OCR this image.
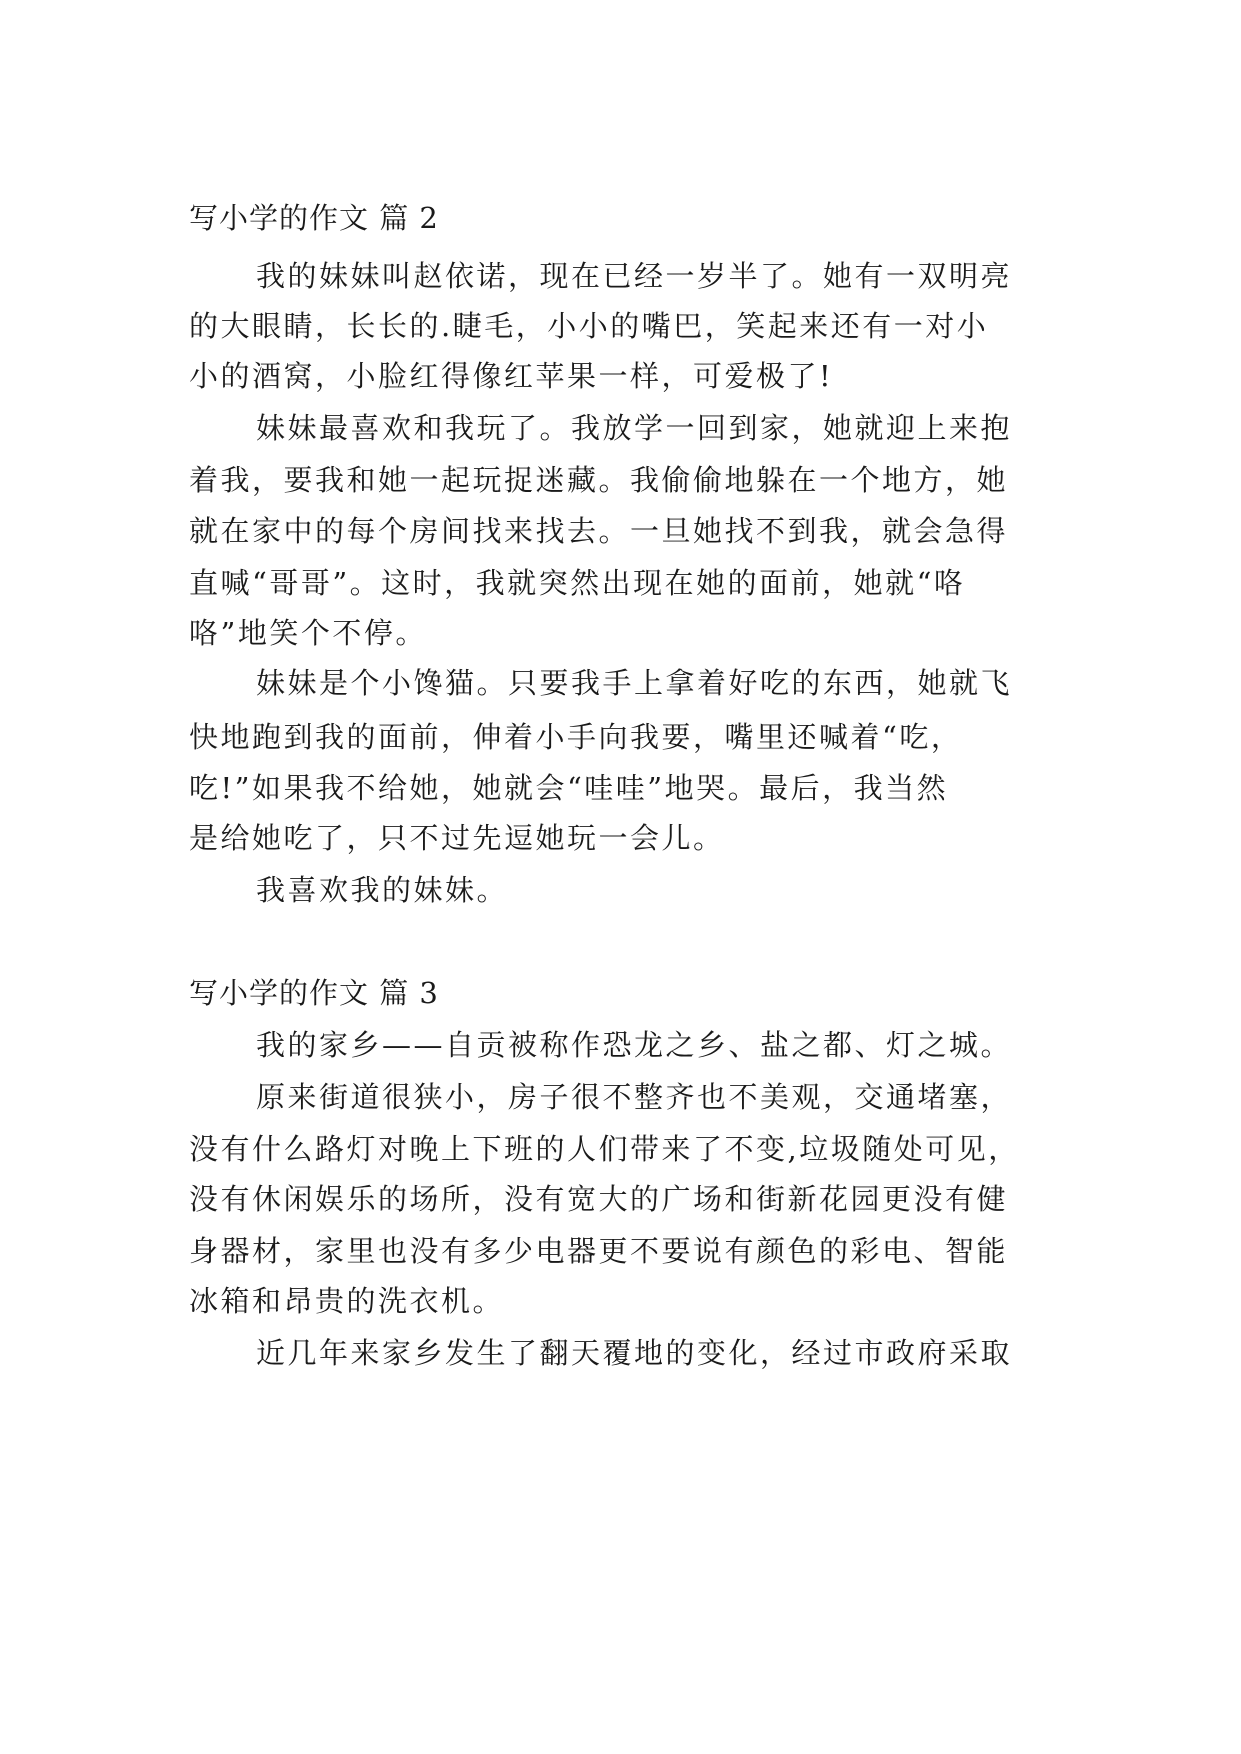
写小学的作文 篇 2

我的妹妹叫赵依诺，现在已经一岁半了。她有一双明亮

的大眼睛，长长的.睫毛，小小的嘴巴，笑起来还有一对小

小的酒窝，小脸红得像红苹果一样，可爱极了!

妹妹最喜欢和我玩了。我放学一回到家，她就迎上来抱

着我，要我和她一起玩捉迷藏。我偷偷地躲在一个地方，她

就在家中的每个房间找来找去。一旦她找不到我，就会急得

直喊“哥哥”。这时，我就突然出现在她的面前，她就“咯

咯”地笑个不停。

妹妹是个小馋猫。只要我手上拿着好吃的东西，她就飞

快地跑到我的面前，伸着小手向我要，嘴里还喊着“吃，

吃!”如果我不给她，她就会“哇哇”地哭。最后，我当然

是给她吃了，只不过先逗她玩一会儿。

我喜欢我的妹妹。

写小学的作文 篇 3

我的家乡——自贡被称作恐龙之乡、盐之都、灯之城。

原来街道很狭小，房子很不整齐也不美观，交通堵塞，

没有什么路灯对晚上下班的人们带来了不变,垃圾随处可见，

没有休闲娱乐的场所，没有宽大的广场和街新花园更没有健

身器材，家里也没有多少电器更不要说有颜色的彩电、智能

冰箱和昂贵的洗衣机。

近几年来家乡发生了翻天覆地的变化，经过市政府采取
